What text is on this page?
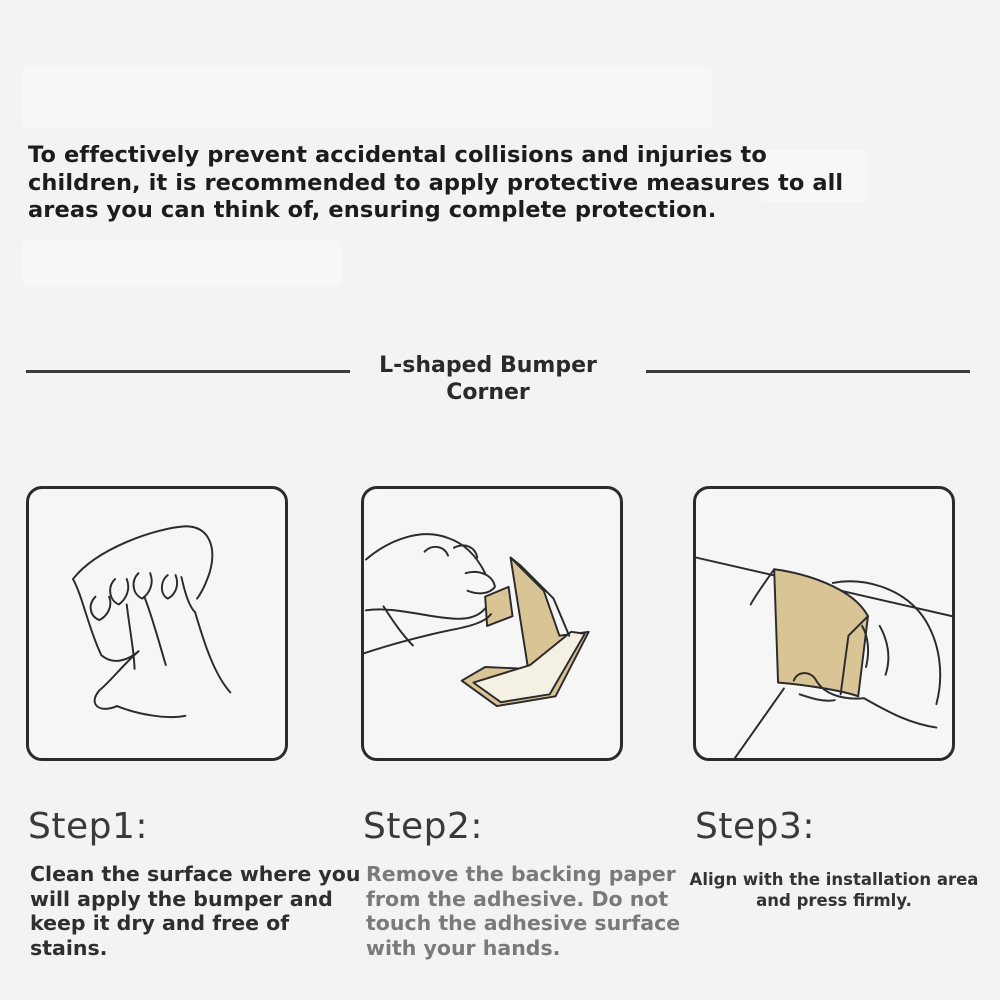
To effectively prevent accidental collisions and injuries to children, it is recommended to apply protective measures to all areas you can think of, ensuring complete protection.

L-shaped Bumper Corner
Step1:	Step2:	Step3:

Clean the surface where you will apply the bumper and keep it dry and free of stains.

Remove the backing paper from the adhesive. Do not touch the adhesive surface with your hands.

Align with the installation area and press firmly.
